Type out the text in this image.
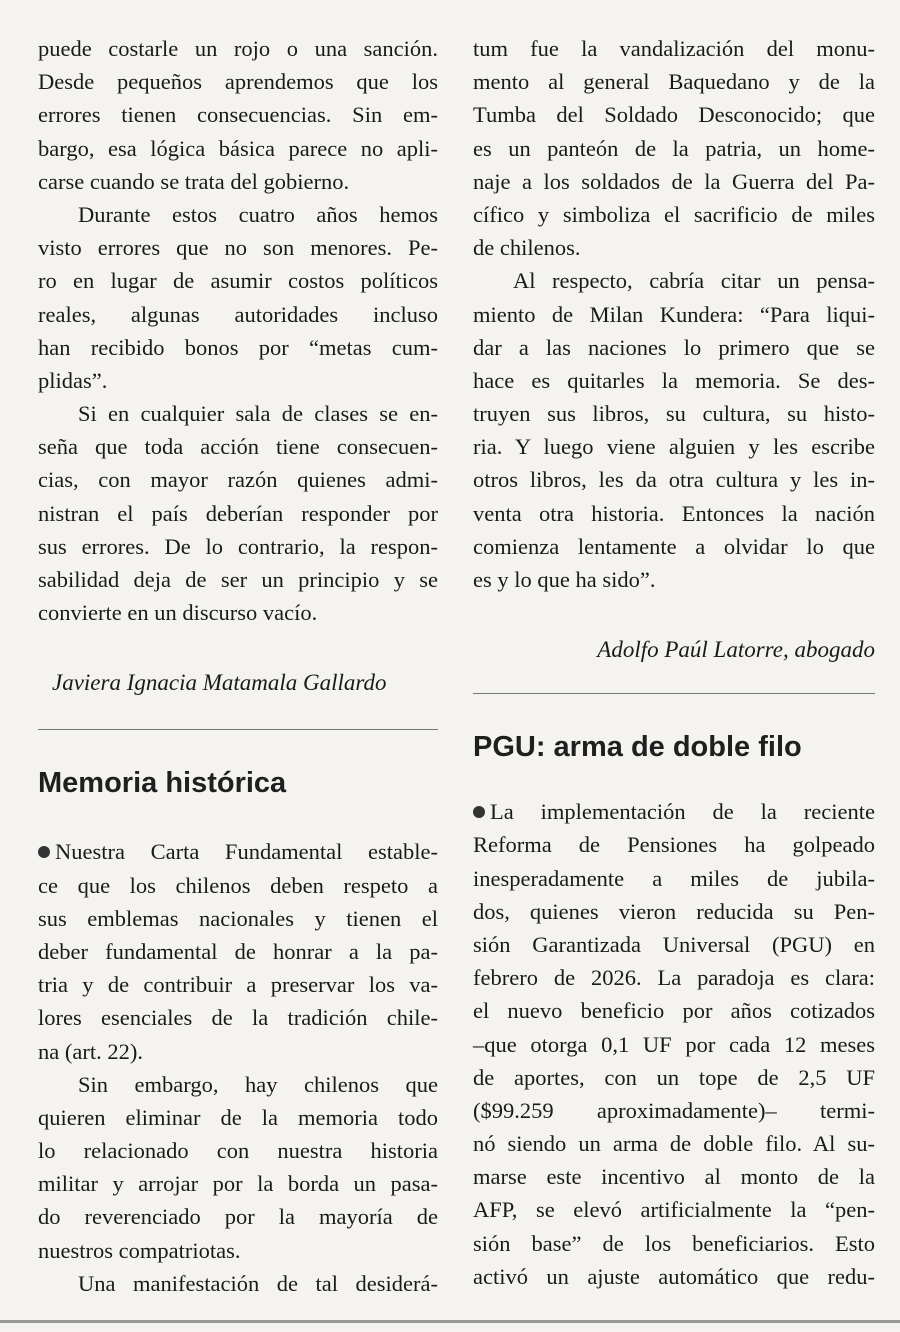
puede costarle un rojo o una sanción.
Desde pequeños aprendemos que los
errores tienen consecuencias. Sin em-
bargo, esa lógica básica parece no apli-
carse cuando se trata del gobierno.
Durante estos cuatro años hemos
visto errores que no son menores. Pe-
ro en lugar de asumir costos políticos
reales, algunas autoridades incluso
han recibido bonos por “metas cum-
plidas”.
Si en cualquier sala de clases se en-
seña que toda acción tiene consecuen-
cias, con mayor razón quienes admi-
nistran el país deberían responder por
sus errores. De lo contrario, la respon-
sabilidad deja de ser un principio y se
convierte en un discurso vacío.
Javiera Ignacia Matamala Gallardo
Memoria histórica
Nuestra Carta Fundamental estable-
ce que los chilenos deben respeto a
sus emblemas nacionales y tienen el
deber fundamental de honrar a la pa-
tria y de contribuir a preservar los va-
lores esenciales de la tradición chile-
na (art. 22).
Sin embargo, hay chilenos que
quieren eliminar de la memoria todo
lo relacionado con nuestra historia
militar y arrojar por la borda un pasa-
do reverenciado por la mayoría de
nuestros compatriotas.
Una manifestación de tal desiderá-
tum fue la vandalización del monu-
mento al general Baquedano y de la
Tumba del Soldado Desconocido; que
es un panteón de la patria, un home-
naje a los soldados de la Guerra del Pa-
cífico y simboliza el sacrificio de miles
de chilenos.
Al respecto, cabría citar un pensa-
miento de Milan Kundera: “Para liqui-
dar a las naciones lo primero que se
hace es quitarles la memoria. Se des-
truyen sus libros, su cultura, su histo-
ria. Y luego viene alguien y les escribe
otros libros, les da otra cultura y les in-
venta otra historia. Entonces la nación
comienza lentamente a olvidar lo que
es y lo que ha sido”.
Adolfo Paúl Latorre, abogado
PGU: arma de doble filo
La implementación de la reciente
Reforma de Pensiones ha golpeado
inesperadamente a miles de jubila-
dos, quienes vieron reducida su Pen-
sión Garantizada Universal (PGU) en
febrero de 2026. La paradoja es clara:
el nuevo beneficio por años cotizados
–que otorga 0,1 UF por cada 12 meses
de aportes, con un tope de 2,5 UF
($99.259 aproximadamente)– termi-
nó siendo un arma de doble filo. Al su-
marse este incentivo al monto de la
AFP, se elevó artificialmente la “pen-
sión base” de los beneficiarios. Esto
activó un ajuste automático que redu-
